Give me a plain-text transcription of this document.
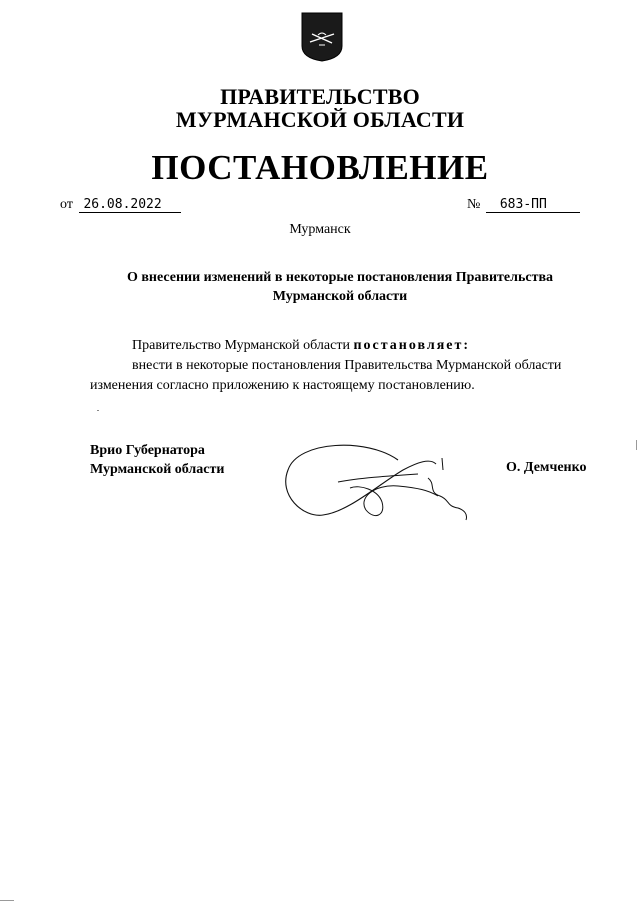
ПРАВИТЕЛЬСТВО
МУРМАНСКОЙ ОБЛАСТИ
ПОСТАНОВЛЕНИЕ
от 26.08.2022	№ 683-ПП
Мурманск
О внесении изменений в некоторые постановления Правительства
Мурманской области

Правительство Мурманской области постановляет:

внести в некоторые постановления Правительства Мурманской области

изменения согласно приложению к настоящему постановлению.

Врио Губернатора
Мурманской области	О. Демченко
